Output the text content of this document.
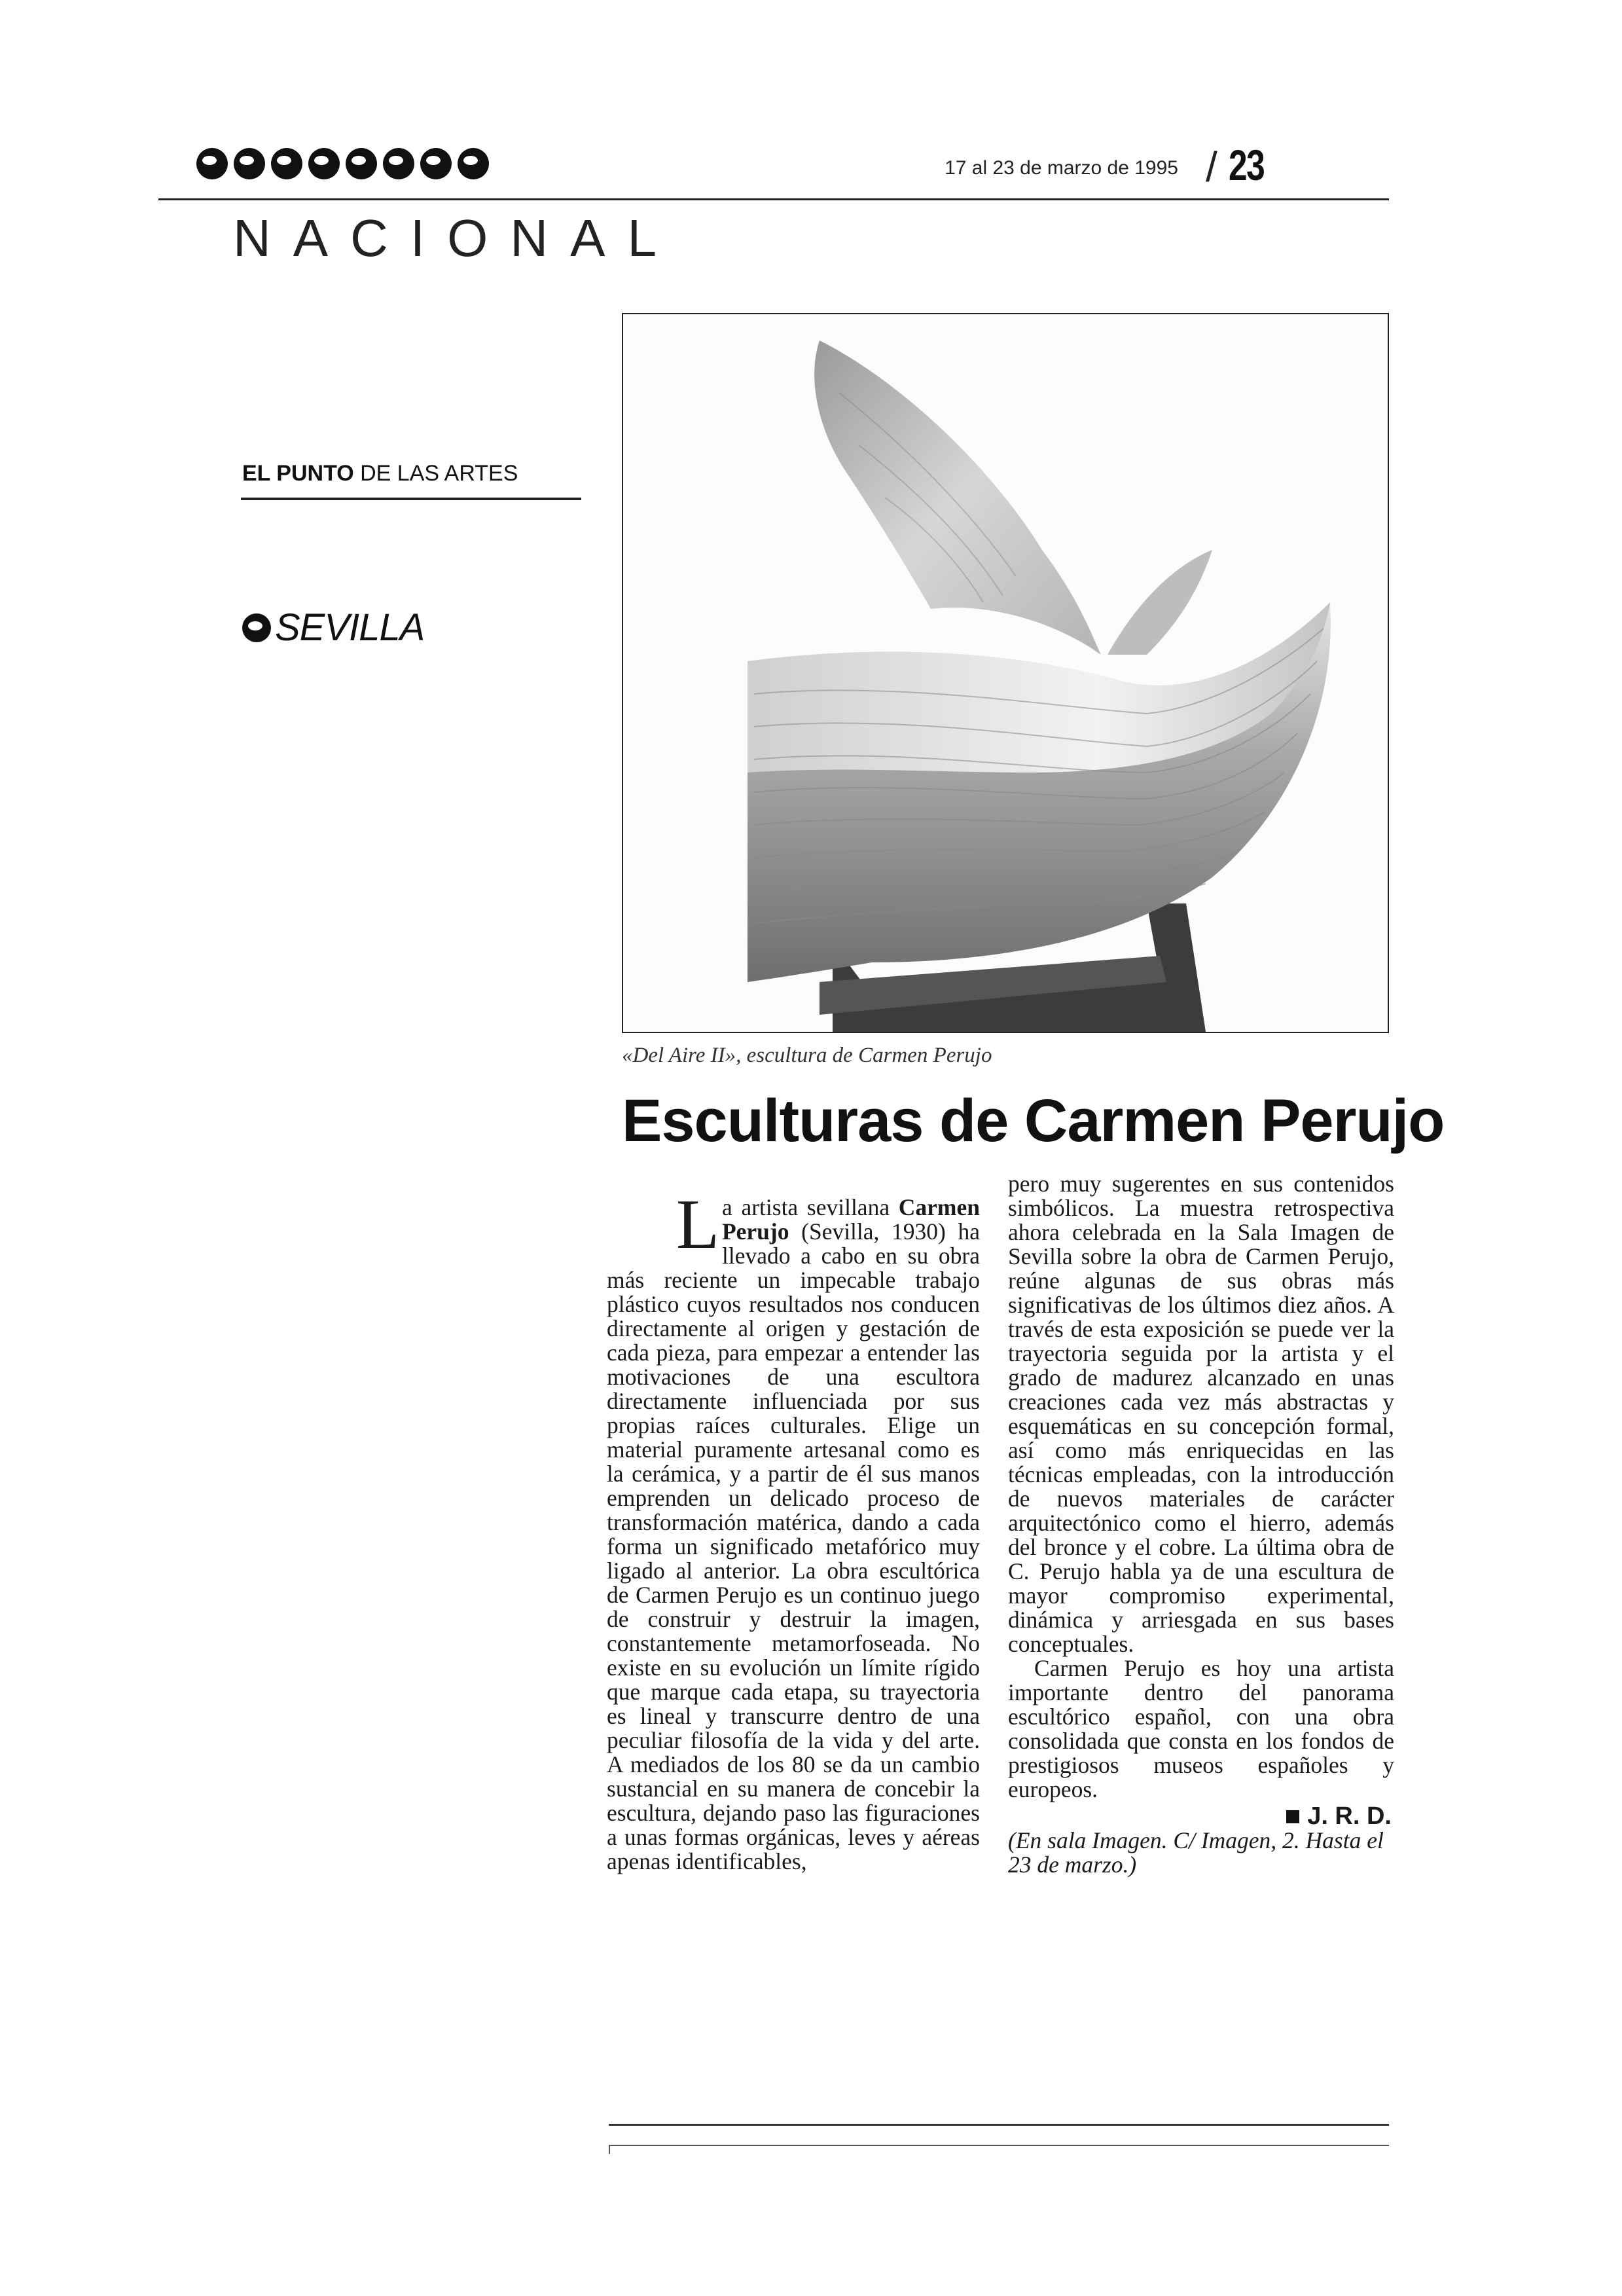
17 al 23 de marzo de 1995 / 23
NACIONAL
EL PUNTO DE LAS ARTES
SEVILLA
«Del Aire II», escultura de Carmen Perujo
Esculturas de Carmen Perujo

La artista sevillana Carmen Perujo (Sevilla, 1930) ha llevado a cabo en su obra más reciente un impecable trabajo plástico cuyos resultados nos conducen directamente al origen y gestación de cada pieza, para empezar a entender las motivaciones de una escultora directamente influenciada por sus propias raíces culturales. Elige un material puramente artesanal como es la cerámica, y a partir de él sus manos emprenden un delicado proceso de transformación matérica, dando a cada forma un significado metafórico muy ligado al anterior. La obra escultórica de Carmen Perujo es un continuo juego de construir y destruir la imagen, constantemente metamorfoseada. No existe en su evolución un límite rígido que marque cada etapa, su trayectoria es lineal y transcurre dentro de una peculiar filosofía de la vida y del arte. A mediados de los 80 se da un cambio sustancial en su manera de concebir la escultura, dejando paso las figuraciones a unas formas orgánicas, leves y aéreas apenas identificables,

pero muy sugerentes en sus contenidos simbólicos. La muestra retrospectiva ahora celebrada en la Sala Imagen de Sevilla sobre la obra de Carmen Perujo, reúne algunas de sus obras más significativas de los últimos diez años. A través de esta exposición se puede ver la trayectoria seguida por la artista y el grado de madurez alcanzado en unas creaciones cada vez más abstractas y esquemáticas en su concepción formal, así como más enriquecidas en las técnicas empleadas, con la introducción de nuevos materiales de carácter arquitectónico como el hierro, además del bronce y el cobre. La última obra de C. Perujo habla ya de una escultura de mayor compromiso experimental, dinámica y arriesgada en sus bases conceptuales.

Carmen Perujo es hoy una artista importante dentro del panorama escultórico español, con una obra consolidada que consta en los fondos de prestigiosos museos españoles y europeos.

J. R. D.

(En sala Imagen. C/ Imagen, 2. Hasta el 23 de marzo.)
